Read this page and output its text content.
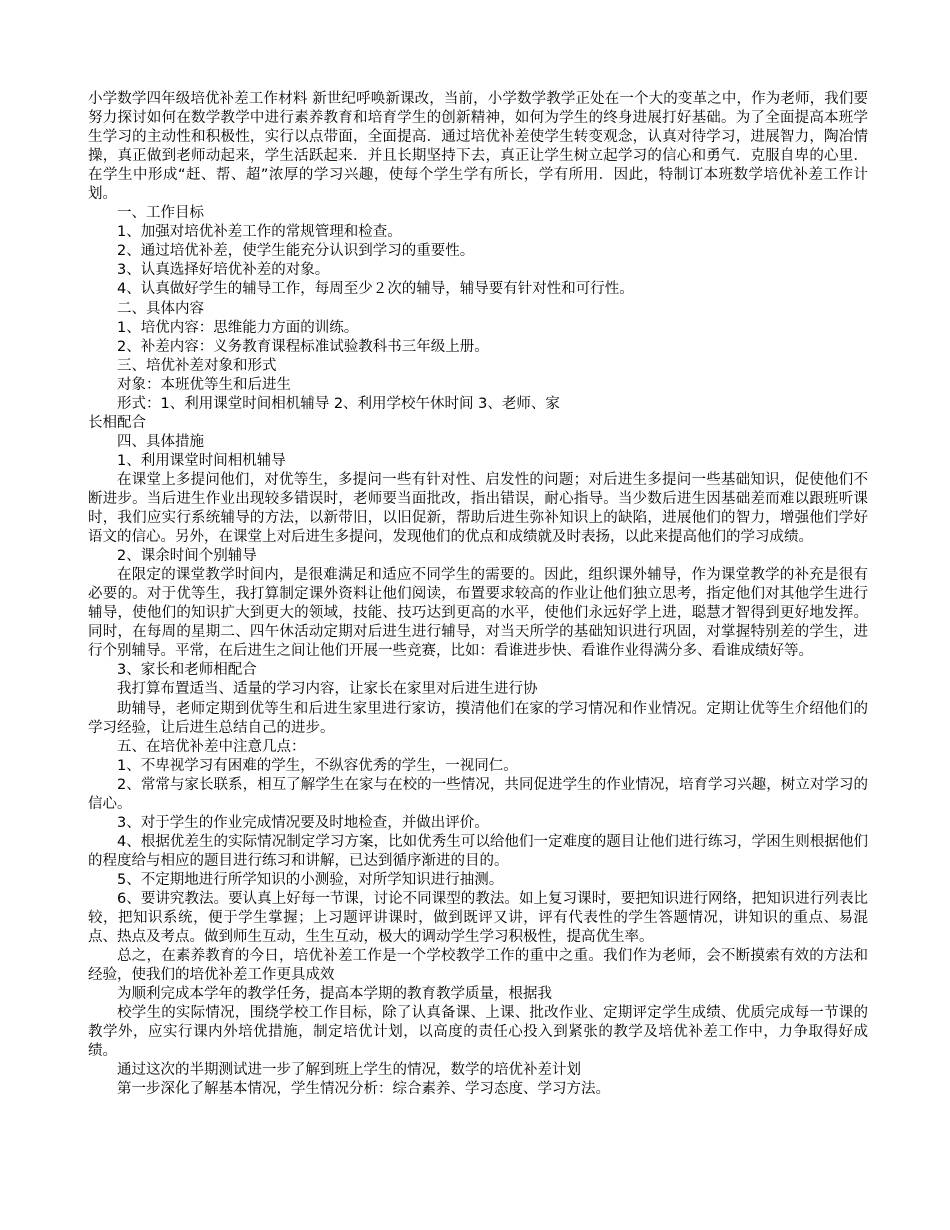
小学数学四年级培优补差工作材料 新世纪呼唤新课改，当前，小学数学教学正处在一个大的变革之中，作为老师，我们要努力探讨如何在数学教学中进行素养教育和培育学生的创新精神，如何为学生的终身进展打好基础。为了全面提高本班学生学习的主动性和积极性，实行以点带面，全面提高．通过培优补差使学生转变观念，认真对待学习，进展智力，陶冶情操，真正做到老师动起来，学生活跃起来．并且长期坚持下去，真正让学生树立起学习的信心和勇气．克服自卑的心里．在学生中形成“赶、帮、超”浓厚的学习兴趣，使每个学生学有所长，学有所用．因此，特制订本班数学培优补差工作计划。

一、工作目标

1、加强对培优补差工作的常规管理和检查。

2、通过培优补差，使学生能充分认识到学习的重要性。

3、认真选择好培优补差的对象。

4、认真做好学生的辅导工作，每周至少２次的辅导，辅导要有针对性和可行性。

二、具体内容

1、培优内容：思维能力方面的训练。

2、补差内容：义务教育课程标准试验教科书三年级上册。

三、培优补差对象和形式

对象：本班优等生和后进生

形式：1、利用课堂时间相机辅导 2、利用学校午休时间 3、老师、家

长相配合

四、具体措施

1、利用课堂时间相机辅导

在课堂上多提问他们，对优等生，多提问一些有针对性、启发性的问题；对后进生多提问一些基础知识，促使他们不断进步。当后进生作业出现较多错误时，老师要当面批改，指出错误，耐心指导。当少数后进生因基础差而难以跟班听课时，我们应实行系统辅导的方法，以新带旧，以旧促新，帮助后进生弥补知识上的缺陷，进展他们的智力，增强他们学好语文的信心。另外，在课堂上对后进生多提问，发现他们的优点和成绩就及时表扬，以此来提高他们的学习成绩。

2、课余时间个别辅导

在限定的课堂教学时间内，是很难满足和适应不同学生的需要的。因此，组织课外辅导，作为课堂教学的补充是很有必要的。对于优等生，我打算制定课外资料让他们阅读，布置要求较高的作业让他们独立思考，指定他们对其他学生进行辅导，使他们的知识扩大到更大的领域，技能、技巧达到更高的水平，使他们永远好学上进，聪慧才智得到更好地发挥。同时，在每周的星期二、四午休活动定期对后进生进行辅导，对当天所学的基础知识进行巩固，对掌握特别差的学生，进行个别辅导。平常，在后进生之间让他们开展一些竞赛，比如：看谁进步快、看谁作业得满分多、看谁成绩好等。

3、家长和老师相配合

我打算布置适当、适量的学习内容，让家长在家里对后进生进行协

助辅导，老师定期到优等生和后进生家里进行家访，摸清他们在家的学习情况和作业情况。定期让优等生介绍他们的学习经验，让后进生总结自己的进步。

五、在培优补差中注意几点：

1、不卑视学习有困难的学生，不纵容优秀的学生，一视同仁。

2、常常与家长联系，相互了解学生在家与在校的一些情况，共同促进学生的作业情况，培育学习兴趣，树立对学习的信心。

3、对于学生的作业完成情况要及时地检查，并做出评价。

4、根据优差生的实际情况制定学习方案，比如优秀生可以给他们一定难度的题目让他们进行练习，学困生则根据他们的程度给与相应的题目进行练习和讲解，已达到循序渐进的目的。

5、不定期地进行所学知识的小测验，对所学知识进行抽测。

6、要讲究教法。要认真上好每一节课，讨论不同课型的教法。如上复习课时，要把知识进行网络，把知识进行列表比较，把知识系统，便于学生掌握；上习题评讲课时，做到既评又讲，评有代表性的学生答题情况，讲知识的重点、易混点、热点及考点。做到师生互动，生生互动，极大的调动学生学习积极性，提高优生率。

总之，在素养教育的今日，培优补差工作是一个学校教学工作的重中之重。我们作为老师，会不断摸索有效的方法和经验，使我们的培优补差工作更具成效

为顺利完成本学年的教学任务，提高本学期的教育教学质量，根据我

校学生的实际情况，围绕学校工作目标，除了认真备课、上课、批改作业、定期评定学生成绩、优质完成每一节课的教学外，应实行课内外培优措施，制定培优计划，以高度的责任心投入到紧张的教学及培优补差工作中，力争取得好成绩。

通过这次的半期测试进一步了解到班上学生的情况，数学的培优补差计划

第一步深化了解基本情况，学生情况分析：综合素养、学习态度、学习方法。
